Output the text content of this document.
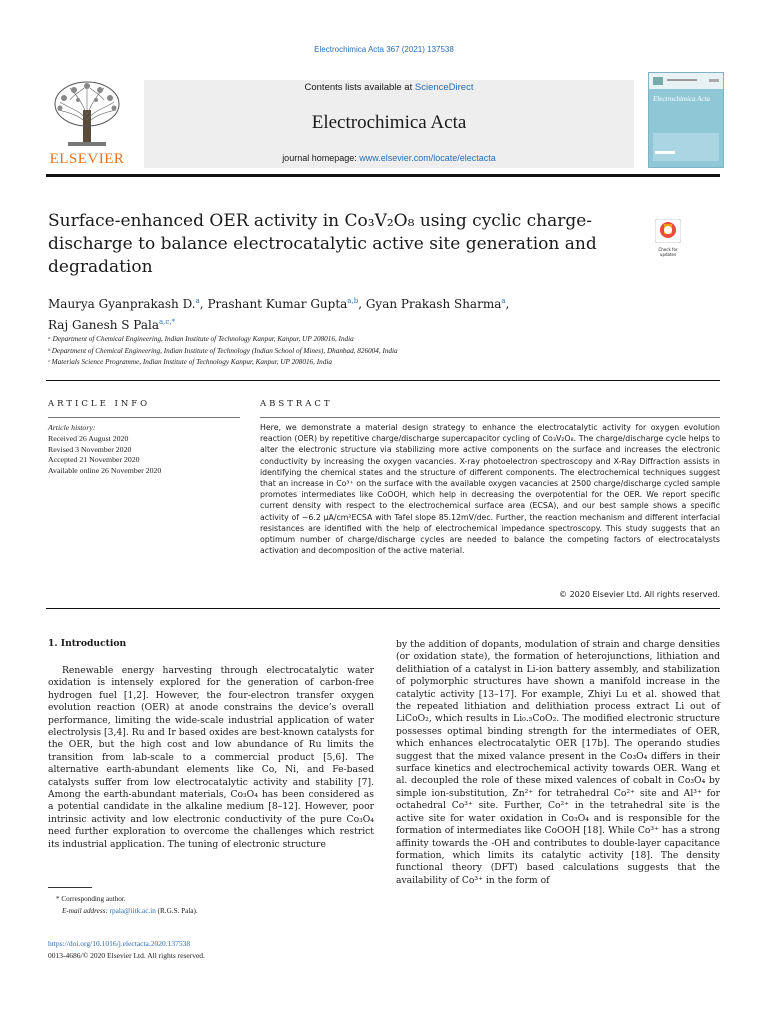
Electrochimica Acta 367 (2021) 137538
ELSEVIER
Contents lists available at ScienceDirect
Electrochimica Acta
journal homepage: www.elsevier.com/locate/electacta
Electrochimica Acta
Surface-enhanced OER activity in Co₃V₂O₈ using cyclic charge-discharge to balance electrocatalytic active site generation and degradation
Check for updates
Maurya Gyanprakash D.$^a$, Prashant Kumar Gupta$^{a,b}$, Gyan Prakash Sharma$^a$,
Raj Ganesh S Pala$^{a,c,*}$
ᵃ Department of Chemical Engineering, Indian Institute of Technology Kanpur, Kanpur, UP 208016, India
ᵇ Department of Chemical Engineering, Indian Institute of Technology (Indian School of Mines), Dhanbad, 826004, India
ᶜ Materials Science Programme, Indian Institute of Technology Kanpur, Kanpur, UP 208016, India
ARTICLE INFO	ABSTRACT
Article history:
Received 26 August 2020
Revised 3 November 2020
Accepted 21 November 2020
Available online 26 November 2020
Here, we demonstrate a material design strategy to enhance the electrocatalytic activity for oxygen evolution reaction (OER) by repetitive charge/discharge supercapacitor cycling of Co₃V₂O₈. The charge/discharge cycle helps to alter the electronic structure via stabilizing more active components on the surface and increases the electronic conductivity by increasing the oxygen vacancies. X-ray photoelectron spectroscopy and X-Ray Diffraction assists in identifying the chemical states and the structure of different components. The electrochemical techniques suggest that an increase in Co³⁺ on the surface with the available oxygen vacancies at 2500 charge/discharge cycled sample promotes intermediates like CoOOH, which help in decreasing the overpotential for the OER. We report specific current density with respect to the electrochemical surface area (ECSA), and our best sample shows a specific activity of ~6.2 µA/cm²ECSA with Tafel slope 85.12mV/dec. Further, the reaction mechanism and different interfacial resistances are identified with the help of electrochemical impedance spectroscopy. This study suggests that an optimum number of charge/discharge cycles are needed to balance the competing factors of electrocatalysts activation and decomposition of the active material.
© 2020 Elsevier Ltd. All rights reserved.
1. Introduction
Renewable energy harvesting through electrocatalytic water oxidation is intensely explored for the generation of carbon-free hydrogen fuel [1,2]. However, the four-electron transfer oxygen evolution reaction (OER) at anode constrains the device’s overall performance, limiting the wide-scale industrial application of water electrolysis [3,4]. Ru and Ir based oxides are best-known catalysts for the OER, but the high cost and low abundance of Ru limits the transition from lab-scale to a commercial product [5,6]. The alternative earth-abundant elements like Co, Ni, and Fe-based catalysts suffer from low electrocatalytic activity and stability [7]. Among the earth-abundant materials, Co₃O₄ has been considered as a potential candidate in the alkaline medium [8–12]. However, poor intrinsic activity and low electronic conductivity of the pure Co₃O₄ need further exploration to overcome the challenges which restrict its industrial application. The tuning of electronic structure
by the addition of dopants, modulation of strain and charge densities (or oxidation state), the formation of heterojunctions, lithiation and delithiation of a catalyst in Li-ion battery assembly, and stabilization of polymorphic structures have shown a manifold increase in the catalytic activity [13–17]. For example, Zhiyi Lu et al. showed that the repeated lithiation and delithiation process extract Li out of LiCoO₂, which results in Li₀.₅CoO₂. The modified electronic structure possesses optimal binding strength for the intermediates of OER, which enhances electrocatalytic OER [17b]. The operando studies suggest that the mixed valance present in the Co₃O₄ differs in their surface kinetics and electrochemical activity towards OER. Wang et al. decoupled the role of these mixed valences of cobalt in Co₃O₄ by simple ion-substitution, Zn²⁺ for tetrahedral Co²⁺ site and Al³⁺ for octahedral Co³⁺ site. Further, Co²⁺ in the tetrahedral site is the active site for water oxidation in Co₃O₄ and is responsible for the formation of intermediates like CoOOH [18]. While Co³⁺ has a strong affinity towards the -OH and contributes to double-layer capacitance formation, which limits its catalytic activity [18]. The density functional theory (DFT) based calculations suggests that the availability of Co³⁺ in the form of
* Corresponding author.
E-mail address: rpala@iitk.ac.in (R.G.S. Pala).
https://doi.org/10.1016/j.electacta.2020.137538
0013-4686/© 2020 Elsevier Ltd. All rights reserved.
